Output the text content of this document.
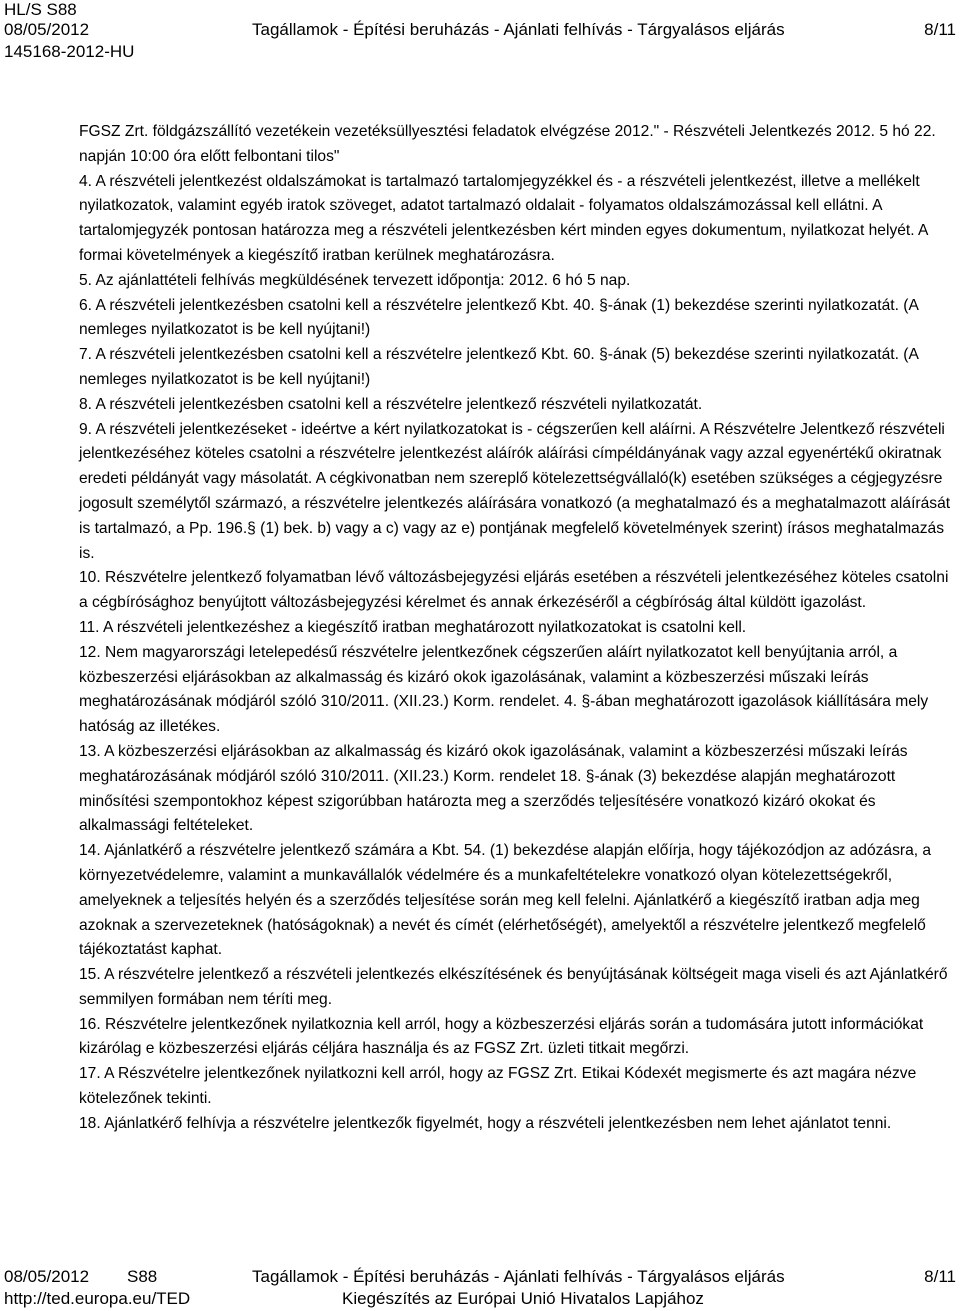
HL/S S88
08/05/2012	Tagállamok - Építési beruházás - Ajánlati felhívás - Tárgyalásos eljárás	8/11
145168-2012-HU

FGSZ Zrt. földgázszállító vezetékein vezetéksüllyesztési feladatok elvégzése 2012." - Részvételi Jelentkezés 2012. 5 hó 22. napján 10:00 óra előtt felbontani tilos"

4. A részvételi jelentkezést oldalszámokat is tartalmazó tartalomjegyzékkel és - a részvételi jelentkezést, illetve a mellékelt nyilatkozatok, valamint egyéb iratok szöveget, adatot tartalmazó oldalait - folyamatos oldalszámozással kell ellátni. A tartalomjegyzék pontosan határozza meg a részvételi jelentkezésben kért minden egyes dokumentum, nyilatkozat helyét. A formai követelmények a kiegészítő iratban kerülnek meghatározásra.

5. Az ajánlattételi felhívás megküldésének tervezett időpontja: 2012. 6 hó 5 nap.

6. A részvételi jelentkezésben csatolni kell a részvételre jelentkező Kbt. 40. §-ának (1) bekezdése szerinti nyilatkozatát. (A nemleges nyilatkozatot is be kell nyújtani!)

7. A részvételi jelentkezésben csatolni kell a részvételre jelentkező Kbt. 60. §-ának (5) bekezdése szerinti nyilatkozatát. (A nemleges nyilatkozatot is be kell nyújtani!)

8. A részvételi jelentkezésben csatolni kell a részvételre jelentkező részvételi nyilatkozatát.

9. A részvételi jelentkezéseket - ideértve a kért nyilatkozatokat is - cégszerűen kell aláírni. A Részvételre Jelentkező részvételi jelentkezéséhez köteles csatolni a részvételre jelentkezést aláírók aláírási címpéldányának vagy azzal egyenértékű okiratnak eredeti példányát vagy másolatát. A cégkivonatban nem szereplő kötelezettségvállaló(k) esetében szükséges a cégjegyzésre jogosult személytől származó, a részvételre jelentkezés aláírására vonatkozó (a meghatalmazó és a meghatalmazott aláírását is tartalmazó, a Pp. 196.§ (1) bek. b) vagy a c) vagy az e) pontjának megfelelő követelmények szerint) írásos meghatalmazás is.

10. Részvételre jelentkező folyamatban lévő változásbejegyzési eljárás esetében a részvételi jelentkezéséhez köteles csatolni a cégbírósághoz benyújtott változásbejegyzési kérelmet és annak érkezéséről a cégbíróság által küldött igazolást.

11. A részvételi jelentkezéshez a kiegészítő iratban meghatározott nyilatkozatokat is csatolni kell.

12. Nem magyarországi letelepedésű részvételre jelentkezőnek cégszerűen aláírt nyilatkozatot kell benyújtania arról, a közbeszerzési eljárásokban az alkalmasság és kizáró okok igazolásának, valamint a közbeszerzési műszaki leírás meghatározásának módjáról szóló 310/2011. (XII.23.) Korm. rendelet. 4. §-ában meghatározott igazolások kiállítására mely hatóság az illetékes.

13. A közbeszerzési eljárásokban az alkalmasság és kizáró okok igazolásának, valamint a közbeszerzési műszaki leírás meghatározásának módjáról szóló 310/2011. (XII.23.) Korm. rendelet 18. §-ának (3) bekezdése alapján meghatározott minősítési szempontokhoz képest szigorúbban határozta meg a szerződés teljesítésére vonatkozó kizáró okokat és alkalmassági feltételeket.

14. Ajánlatkérő a részvételre jelentkező számára a Kbt. 54. (1) bekezdése alapján előírja, hogy tájékozódjon az adózásra, a környezetvédelemre, valamint a munkavállalók védelmére és a munkafeltételekre vonatkozó olyan kötelezettségekről, amelyeknek a teljesítés helyén és a szerződés teljesítése során meg kell felelni. Ajánlatkérő a kiegészítő iratban adja meg azoknak a szervezeteknek (hatóságoknak) a nevét és címét (elérhetőségét), amelyektől a részvételre jelentkező megfelelő tájékoztatást kaphat.

15. A részvételre jelentkező a részvételi jelentkezés elkészítésének és benyújtásának költségeit maga viseli és azt Ajánlatkérő semmilyen formában nem téríti meg.

16. Részvételre jelentkezőnek nyilatkoznia kell arról, hogy a közbeszerzési eljárás során a tudomására jutott információkat kizárólag e közbeszerzési eljárás céljára használja és az FGSZ Zrt. üzleti titkait megőrzi.

17. A Részvételre jelentkezőnek nyilatkozni kell arról, hogy az FGSZ Zrt. Etikai Kódexét megismerte és azt magára nézve kötelezőnek tekinti.

18. Ajánlatkérő felhívja a részvételre jelentkezők figyelmét, hogy a részvételi jelentkezésben nem lehet ajánlatot tenni.

08/05/2012 S88	Tagállamok - Építési beruházás - Ajánlati felhívás - Tárgyalásos eljárás	8/11
http://ted.europa.eu/TED	Kiegészítés az Európai Unió Hivatalos Lapjához
